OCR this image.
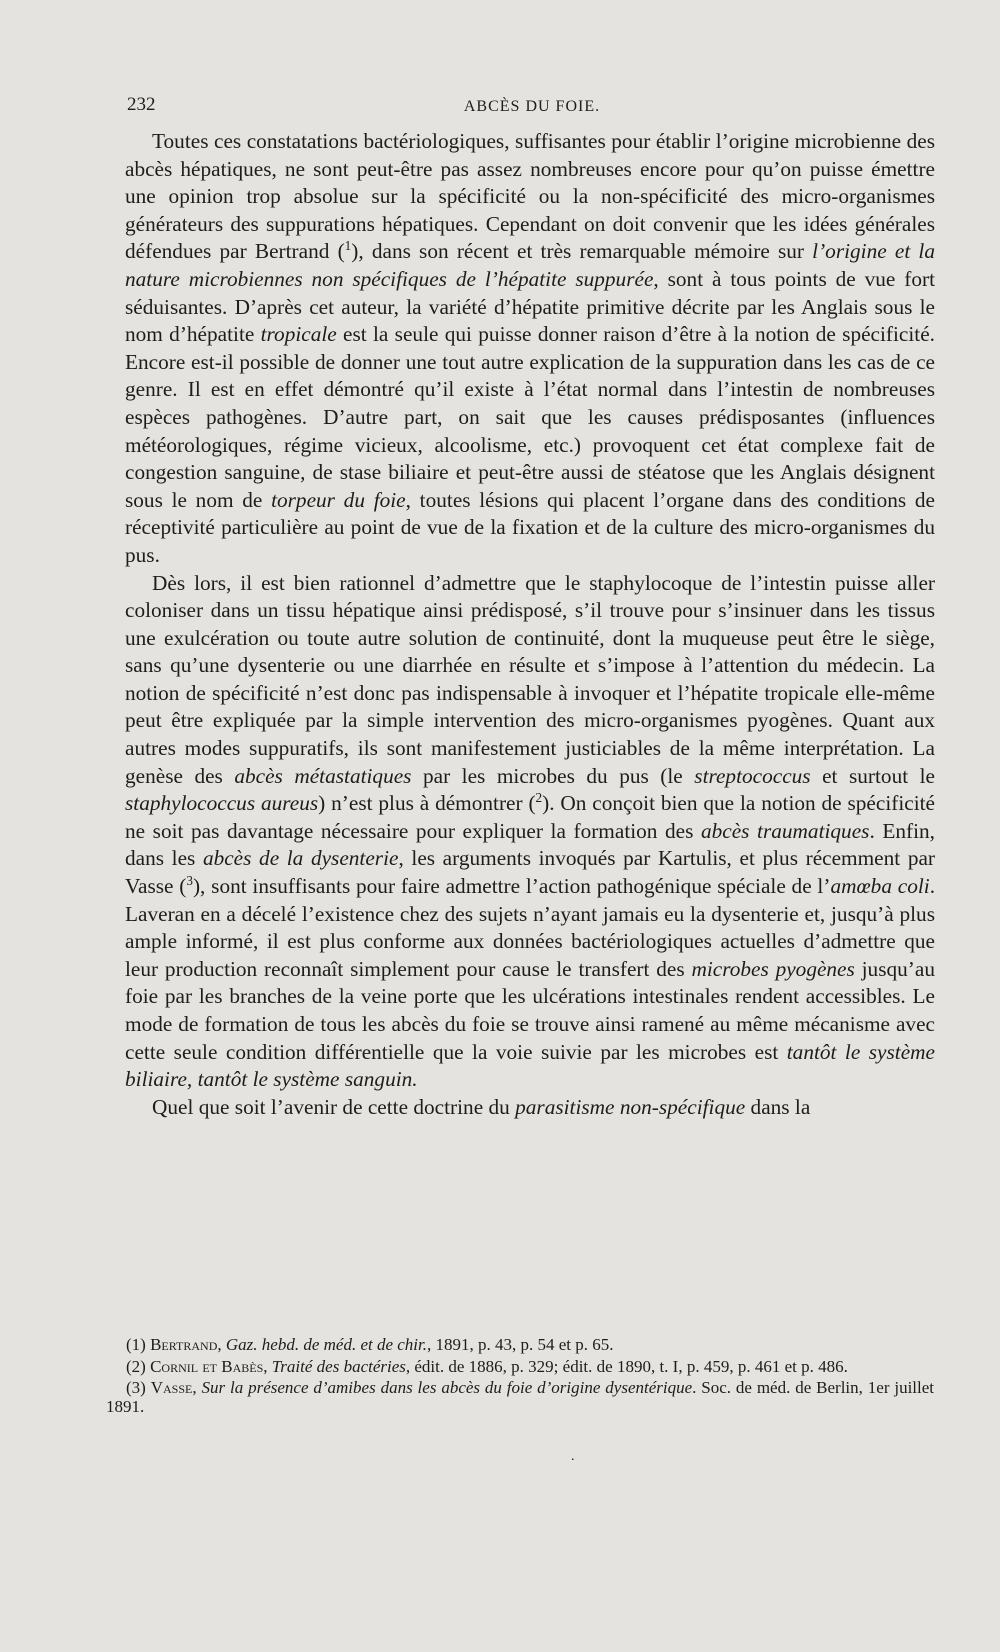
232	ABCÈS DU FOIE.

Toutes ces constatations bactériologiques, suffisantes pour établir l’origine microbienne des abcès hépatiques, ne sont peut-être pas assez nombreuses encore pour qu’on puisse émettre une opinion trop absolue sur la spécificité ou la non-spécificité des micro-organismes générateurs des suppurations hépatiques. Cependant on doit convenir que les idées générales défendues par Bertrand ($^1$), dans son récent et très remarquable mémoire sur l’origine et la nature microbiennes non spécifiques de l’hépatite suppurée, sont à tous points de vue fort séduisantes. D’après cet auteur, la variété d’hépatite primitive décrite par les Anglais sous le nom d’hépatite tropicale est la seule qui puisse donner raison d’être à la notion de spécificité. Encore est-il possible de donner une tout autre explication de la suppuration dans les cas de ce genre. Il est en effet démontré qu’il existe à l’état normal dans l’intestin de nombreuses espèces pathogènes. D’autre part, on sait que les causes prédisposantes (influences météorologiques, régime vicieux, alcoolisme, etc.) provoquent cet état complexe fait de congestion sanguine, de stase biliaire et peut-être aussi de stéatose que les Anglais désignent sous le nom de torpeur du foie, toutes lésions qui placent l’organe dans des conditions de réceptivité particulière au point de vue de la fixation et de la culture des micro-organismes du pus.

Dès lors, il est bien rationnel d’admettre que le staphylocoque de l’intestin puisse aller coloniser dans un tissu hépatique ainsi prédisposé, s’il trouve pour s’insinuer dans les tissus une exulcération ou toute autre solution de continuité, dont la muqueuse peut être le siège, sans qu’une dysenterie ou une diarrhée en résulte et s’impose à l’attention du médecin. La notion de spécificité n’est donc pas indispensable à invoquer et l’hépatite tropicale elle-même peut être expliquée par la simple intervention des micro-organismes pyogènes. Quant aux autres modes suppuratifs, ils sont manifestement justiciables de la même interprétation. La genèse des abcès métastatiques par les microbes du pus (le streptococcus et surtout le staphylococcus aureus) n’est plus à démontrer ($^2$). On conçoit bien que la notion de spécificité ne soit pas davantage nécessaire pour expliquer la formation des abcès traumatiques. Enfin, dans les abcès de la dysenterie, les arguments invoqués par Kartulis, et plus récemment par Vasse ($^3$), sont insuffisants pour faire admettre l’action pathogénique spéciale de l’amœba coli. Laveran en a décelé l’existence chez des sujets n’ayant jamais eu la dysenterie et, jusqu’à plus ample informé, il est plus conforme aux données bactériologiques actuelles d’admettre que leur production reconnaît simplement pour cause le transfert des microbes pyogènes jusqu’au foie par les branches de la veine porte que les ulcérations intestinales rendent accessibles. Le mode de formation de tous les abcès du foie se trouve ainsi ramené au même mécanisme avec cette seule condition différentielle que la voie suivie par les microbes est tantôt le système biliaire, tantôt le système sanguin.

Quel que soit l’avenir de cette doctrine du parasitisme non-spécifique dans la

(1) Bertrand, Gaz. hebd. de méd. et de chir., 1891, p. 43, p. 54 et p. 65.

(2) Cornil et Babès, Traité des bactéries, édit. de 1886, p. 329; édit. de 1890, t. I, p. 459, p. 461 et p. 486.

(3) Vasse, Sur la présence d’amibes dans les abcès du foie d’origine dysentérique. Soc. de méd. de Berlin, 1er juillet 1891.

.
